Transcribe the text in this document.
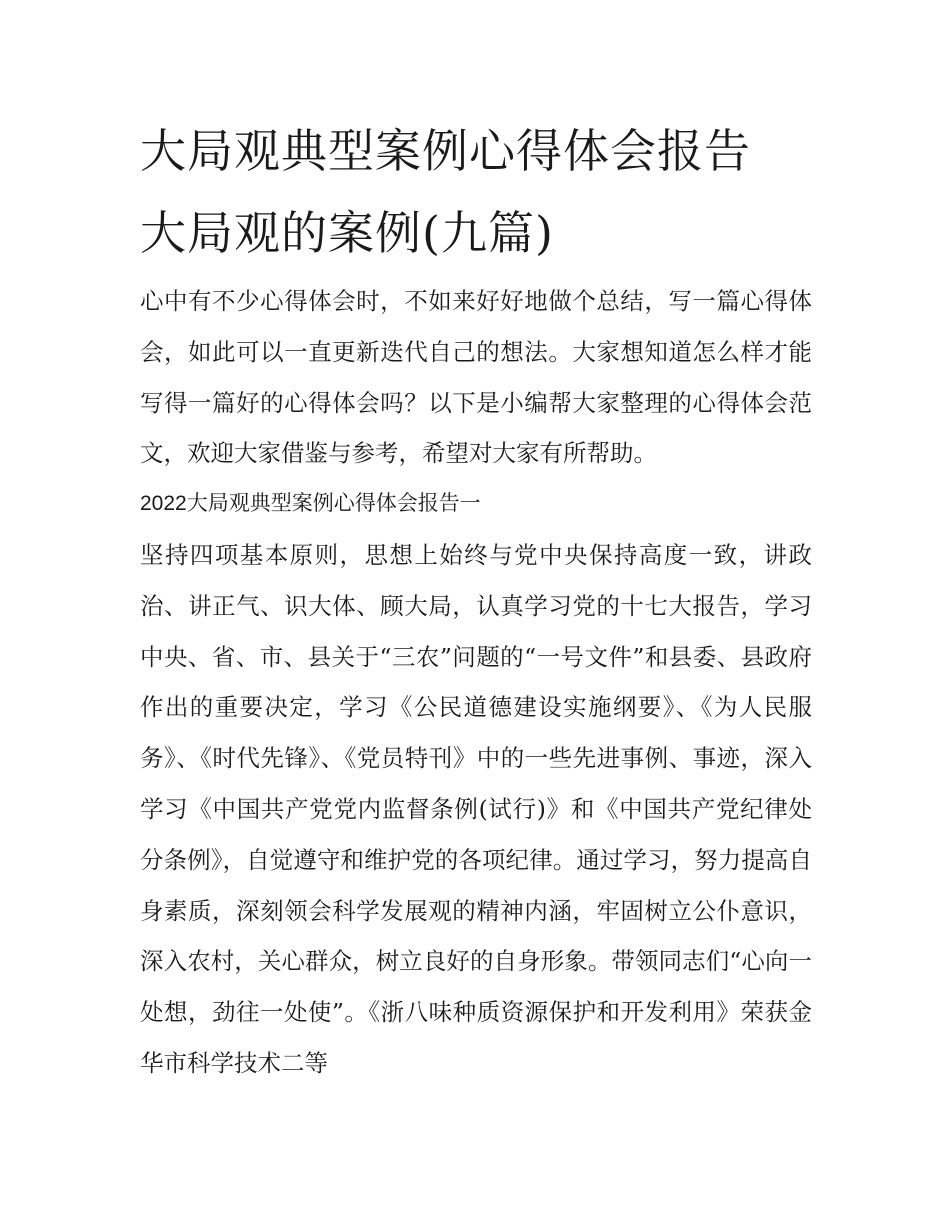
大局观典型案例心得体会报告
大局观的案例(九篇)

心中有不少心得体会时，不如来好好地做个总结，写一篇心得体会，如此可以一直更新迭代自己的想法。大家想知道怎么样才能写得一篇好的心得体会吗？以下是小编帮大家整理的心得体会范文，欢迎大家借鉴与参考，希望对大家有所帮助。

2022大局观典型案例心得体会报告一

坚持四项基本原则，思想上始终与党中央保持高度一致，讲政治、讲正气、识大体、顾大局，认真学习党的十七大报告，学习中央、省、市、县关于“三农”问题的“一号文件”和县委、县政府作出的重要决定，学习《公民道德建设实施纲要》、《为人民服务》、《时代先锋》、《党员特刊》中的一些先进事例、事迹，深入学习《中国共产党党内监督条例(试行)》和《中国共产党纪律处分条例》，自觉遵守和维护党的各项纪律。通过学习，努力提高自身素质，深刻领会科学发展观的精神内涵，牢固树立公仆意识，深入农村，关心群众，树立良好的自身形象。带领同志们“心向一处想，劲往一处使”。《浙八味种质资源保护和开发利用》荣获金华市科学技术二等
